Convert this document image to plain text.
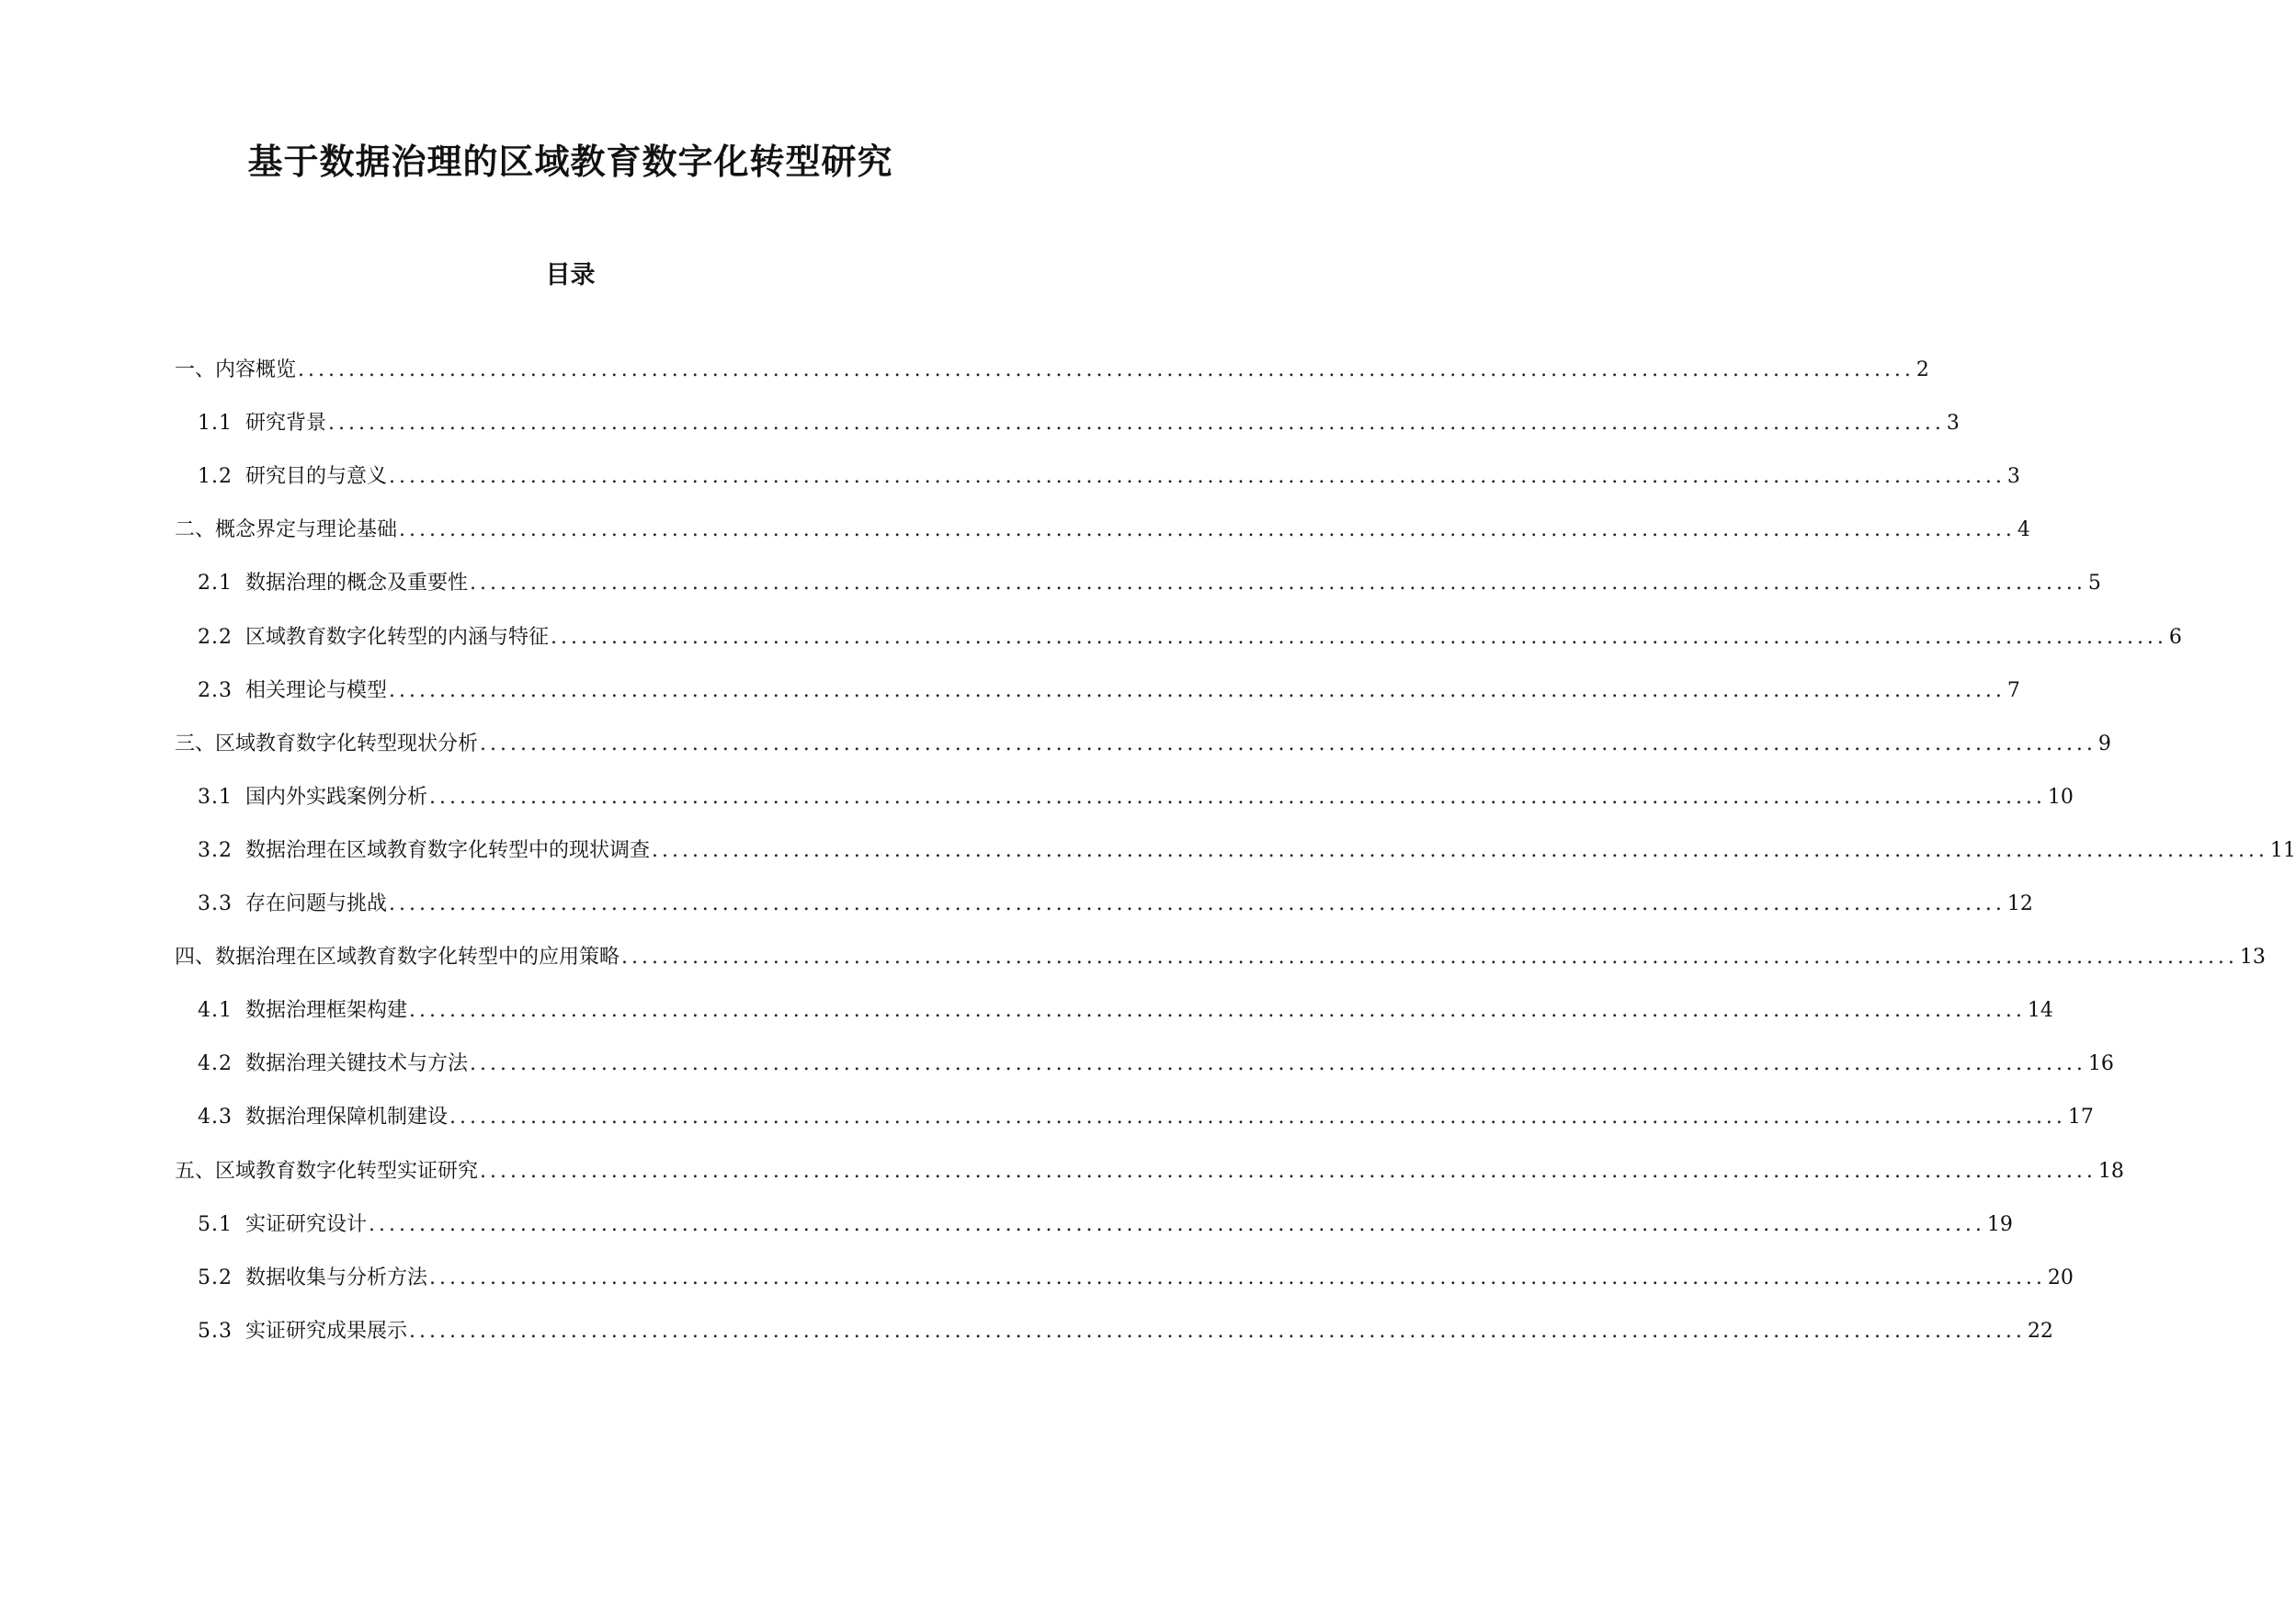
基于数据治理的区域教育数字化转型研究
目录
一、内容概览 ................................................................................................................................................................ 2
1.1 研究背景 ................................................................................................................................................................ 3
1.2 研究目的与意义 ................................................................................................................................................................ 3
二、概念界定与理论基础 ................................................................................................................................................................ 4
2.1 数据治理的概念及重要性 ................................................................................................................................................................ 5
2.2 区域教育数字化转型的内涵与特征 ................................................................................................................................................................ 6
2.3 相关理论与模型 ................................................................................................................................................................ 7
三、区域教育数字化转型现状分析 ................................................................................................................................................................ 9
3.1 国内外实践案例分析 ................................................................................................................................................................ 10
3.2 数据治理在区域教育数字化转型中的现状调查 ................................................................................................................................................................ 11
3.3 存在问题与挑战 ................................................................................................................................................................ 12
四、数据治理在区域教育数字化转型中的应用策略 ................................................................................................................................................................ 13
4.1 数据治理框架构建 ................................................................................................................................................................ 14
4.2 数据治理关键技术与方法 ................................................................................................................................................................ 16
4.3 数据治理保障机制建设 ................................................................................................................................................................ 17
五、区域教育数字化转型实证研究 ................................................................................................................................................................ 18
5.1 实证研究设计 ................................................................................................................................................................ 19
5.2 数据收集与分析方法 ................................................................................................................................................................ 20
5.3 实证研究成果展示 ................................................................................................................................................................ 22
